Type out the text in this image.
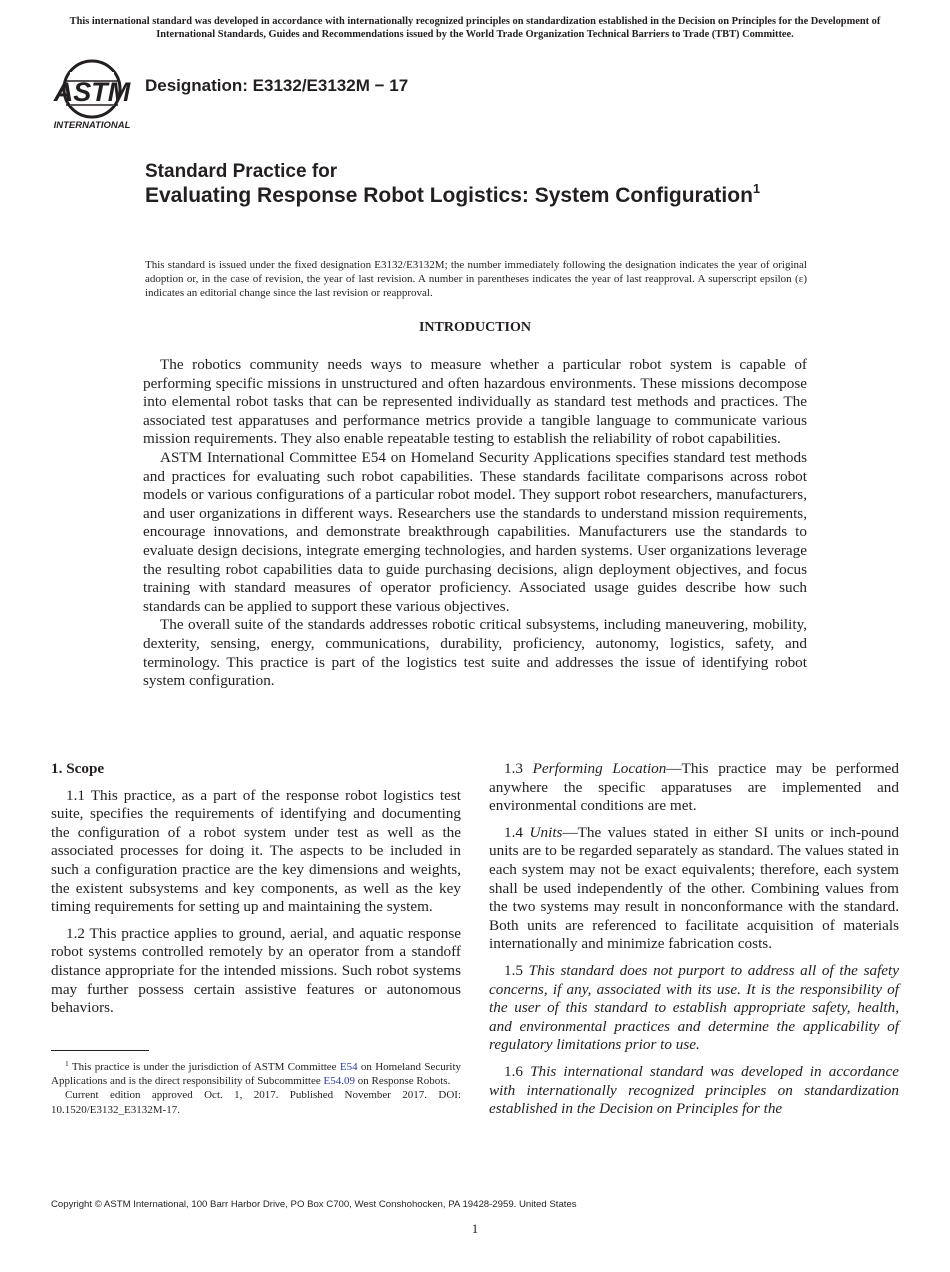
This international standard was developed in accordance with internationally recognized principles on standardization established in the Decision on Principles for the Development of International Standards, Guides and Recommendations issued by the World Trade Organization Technical Barriers to Trade (TBT) Committee.
ASTM
INTERNATIONAL
Designation: E3132/E3132M − 17
Standard Practice for
Evaluating Response Robot Logistics: System Configuration$^1$
This standard is issued under the fixed designation E3132/E3132M; the number immediately following the designation indicates the year of original adoption or, in the case of revision, the year of last revision. A number in parentheses indicates the year of last reapproval. A superscript epsilon (ε) indicates an editorial change since the last revision or reapproval.
INTRODUCTION

The robotics community needs ways to measure whether a particular robot system is capable of performing specific missions in unstructured and often hazardous environments. These missions decompose into elemental robot tasks that can be represented individually as standard test methods and practices. The associated test apparatuses and performance metrics provide a tangible language to communicate various mission requirements. They also enable repeatable testing to establish the reliability of robot capabilities.

ASTM International Committee E54 on Homeland Security Applications specifies standard test methods and practices for evaluating such robot capabilities. These standards facilitate comparisons across robot models or various configurations of a particular robot model. They support robot researchers, manufacturers, and user organizations in different ways. Researchers use the standards to understand mission requirements, encourage innovations, and demonstrate breakthrough capabilities. Manufacturers use the standards to evaluate design decisions, integrate emerging technologies, and harden systems. User organizations leverage the resulting robot capabilities data to guide purchasing decisions, align deployment objectives, and focus training with standard measures of operator proficiency. Associated usage guides describe how such standards can be applied to support these various objectives.

The overall suite of the standards addresses robotic critical subsystems, including maneuvering, mobility, dexterity, sensing, energy, communications, durability, proficiency, autonomy, logistics, safety, and terminology. This practice is part of the logistics test suite and addresses the issue of identifying robot system configuration.

1. Scope

1.1 This practice, as a part of the response robot logistics test suite, specifies the requirements of identifying and documenting the configuration of a robot system under test as well as the associated processes for doing it. The aspects to be included in such a configuration practice are the key dimensions and weights, the existent subsystems and key components, as well as the key timing requirements for setting up and maintaining the system.

1.2 This practice applies to ground, aerial, and aquatic response robot systems controlled remotely by an operator from a standoff distance appropriate for the intended missions. Such robot systems may further possess certain assistive features or autonomous behaviors.

1.3 Performing Location—This practice may be performed anywhere the specific apparatuses are implemented and environmental conditions are met.

1.4 Units—The values stated in either SI units or inch-pound units are to be regarded separately as standard. The values stated in each system may not be exact equivalents; therefore, each system shall be used independently of the other. Combining values from the two systems may result in nonconformance with the standard. Both units are referenced to facilitate acquisition of materials internationally and minimize fabrication costs.

1.5 This standard does not purport to address all of the safety concerns, if any, associated with its use. It is the responsibility of the user of this standard to establish appropriate safety, health, and environmental practices and determine the applicability of regulatory limitations prior to use.

1.6 This international standard was developed in accordance with internationally recognized principles on standardization established in the Decision on Principles for the

$^1$ This practice is under the jurisdiction of ASTM Committee E54 on Homeland Security Applications and is the direct responsibility of Subcommittee E54.09 on Response Robots.

Current edition approved Oct. 1, 2017. Published November 2017. DOI: 10.1520/E3132_E3132M-17.

Copyright © ASTM International, 100 Barr Harbor Drive, PO Box C700, West Conshohocken, PA 19428-2959. United States
1
